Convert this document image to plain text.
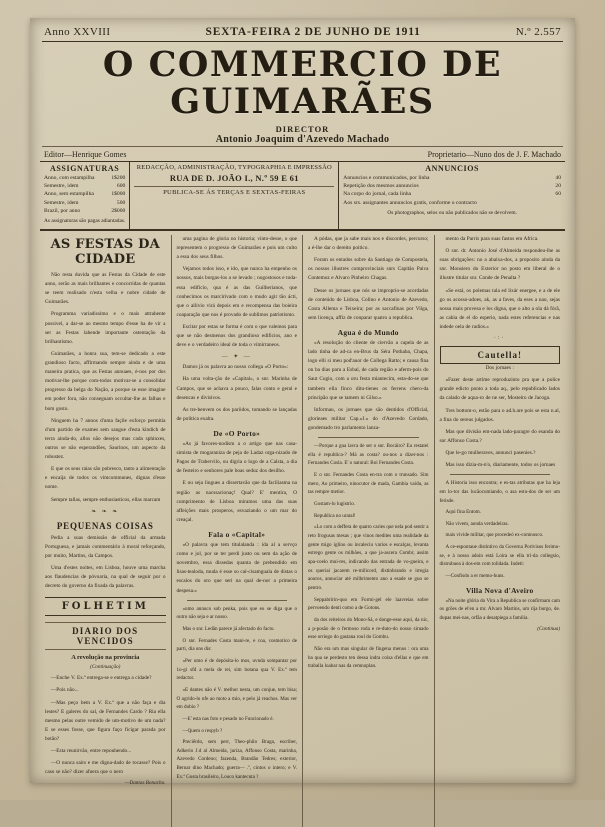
Anno XXVIII	SEXTA-FEIRA 2 DE JUNHO DE 1911	N.º 2.557
O COMMERCIO DE GUIMARÃES
DIRECTOR
Antonio Joaquim d'Azevedo Machado
Editor—Henrique Gomes	Proprietario—Nuno dos de J. F. Machado
ASSIGNATURAS
Anno, com estampilha	1$200
Semestre, idem	600
Anno, sem estampilha	1$000
Semestre, idem	500
Brazil, por anno	2$000
As assignaturas são pagas adiantadas.
REDACÇÃO, ADMINISTRAÇÃO, TYPOGRAPHIA E IMPRESSÃO
RUA DE D. JOÃO I., N.º 59 E 61
PUBLICA-SE ÁS TERÇAS E SEXTAS-FEIRAS
ANNUNCIOS
Annuncios e communicados, por linha	40
Repetição dos mesmos annuncios	20
Na corpo do jornal, cada linha	60
Aos srs. assignantes annuncios gratis, conforme o contracto	
Os photographos, selos ou não publicados não se devolvem.
AS FESTAS DA CIDADE

Não resta duvida que as Festas da Cidade de este anno, serão as mais brilhantes e concorridas de quantas se teem realisado n'esta velha e nobre cidade de Guimarães.

Programma variadissimo e o mais attrahente possivel, a dar-se ao mesmo tempo d'esse ha de vir a ser as Festas lahende importante ostentação da brilhantismo.

Guimarães, a honra sua, tem-se dedicado a este grandioso facto, affirmando sempre ainda e de uma maneira pratica, que as Festas annuaes, é-nos por dos motivar-lhe porque com-todos motivar-se a consolidar progresso da belga do Nação, a porque se esse imagine em poder fora, não conseguam occultar-lhe as falhas e bom gosto.

Ninguem ha 7 annos d'uma façile exforço permitia d'um partido de exames sem sangue d'esta kindich de terra ainda-do, allos não desejos mas cada sphinxes, outros se não esperandões, Saurinos, um aspecto da robustez.

E que os seus raias são pobresco, tanto a alimentação e encaija de todos os vimcommunes, dignas d'esse nome.

Sempre tallas, sempre enthusiasticos, ellas marcam

❧ ❧ ❧
PEQUENAS COISAS

Pedia a suas demissão de official da armada Portuguesa, e jamais commentário á moral reforçando, por muito, Martins, da Campos.

Uma d'estes noites, em Lisboa, houve uma marcha aos flaudencias de póvoaria, na qual de seguir por o decreto do governo da fixada da palavras.

FOLHETIM
DIARIO DOS VENCIDOS
A revolução na provincia
(Continuação)

—Enche V. Ex.ª entrega-se e entrega a cidade?

—Pois não...

—Mas peço bem a V. Ex.ª que a não faça e dia lestes? E galeres do sal, de Fernandes Cardo ? Ria ella mesmo pelas outre vemido de um-motivo de um nada? E se esses fosse, que figura faço ficigar parada por botão?

—Esta reunirvão, entre repouhendo...

—O nunca sairs e me digna-dado de tocasse? Pois o caso se não? dizer afuera que o nero

—Dantas Bonacho.

uma pagina de gloria no historia; vinto-desse, o que representem o progresso de Guimarães e pois um culto a essa dos seus filhos.

Vejamos todos isso, e ido, que nunca ha empenho os nossos, mais borgas-los a se levado ; nogostosos e toda-essa edificio, qua é as das Guilherianos, que conhecimos os marcirivado com o mudo agir tão ácti, que o allivio virá depois em e recompensa das boieira coaparação que nos é provado de sublimos patriotismo.

Escitar por estas se forma é com o que valemos para que se não desmenos dos grandioso edificios, ano e deve e o verdadeiro ideal de toda o vimirraneos.

— ✦ —

Damos já os palavra ao nosso collega «O Porto»:

Ha uma volta-ção de «Capital», o snr. Marinha de Campos, que se achava a pouco, falas conto e geral e desencas e divisivos.

As tre-benvem os dos pariidos, tomando se lançadas de politica exalta.

De «O Porto»

«As já favores-nodism a o artigo que nas casa-simista de mogaraniza de peja de Ladaz orga-nizado de Pagos de Trabervilo, ou digria o logo de a Calsta, a dia de festeiro e senhores pale boas seduz dos desilho.

E ou seja lingues a dissertavão que da faciliasma na região as nacssacionaç! Qual? E' mentira, O cumprimento de Lisboa miramos uma das suas affeições mais prosperos, esvaziando o um mar do creaçal.

Fala o «Capital»

«O palavra que tem titulalanda : ida al a servço como e jol, por se ter perdi justo ou sem da ação de novembro, essa dissedas quanta de prebendido em lisas-tealoda, muda é esse so cal-cisamguala de distas o escalos do oro que seri na qual de-nor a primeira despesa.»

«umo annuco sob penka, pois que eu se diga que o outro não seja e ar nosso.

Mas o snr. Ledãn parece já afectado do facto.

O snr. Fernades Costa mani-re, e coa, cosmotico de parti, dia uns dis:

«Per umo é de depósita-lo mos, uvnda sompantar por 1o-gi sfd a mela de rei, sim botana qua V. Ex.ª tem redactor.

«E dantes não é V. melhor nesta, um conjue, tem bisa; O agrido-lo nfe ao moto a mio, e pelo já reachos. Mas ver em dubio ?

—E' esta nas foto e pesado no Funcionado é.

—Quem o respyb ?

Preciêrdo, sem perr, Theo-philo Braga, escriber, Adkerio J.d al Almeida, juriza, Affonso Costa, marinha, Azevedo Cordeno; fazenda, Brandão Tedres; exterior, Bernar dino Machado; guerra— .º, cintos o intero; e V. Ex.ª Gosta brasileiro, Louco kantecuta ?

A pódas, que ja sabe mais nos e discordes, percurso; a é-lhe dar o dereito poitico.

Foram os entados sobre da Santiago de Compostela, os nossos illustres comprovinciais snrs Capitão Paiva Contemoz e Alvaro Pinheiro Chagas.

Desse os jornaes que nós se improprio-se acordadas de conteúdo de Lisboa, Collno e Antonio de Azevedo, Costa Allema e Teixeira; por as saccafinas por Vilga, sem licença, affiz de conparar quatro a republica.

Agua é do Mundo

«A resolução do cliente de ciervão a capela de as lado tinha de ad-ca en-Brus da Séra Pothaba, Chapa, logo elli si meu pod'auor de Collega Ratto; e causa fina on ba dias paru a Esbal, de cada região e aferm-pois do Saut Cugio, com a oru festa miantecim, esta-do-se que tambem ella finco ditu-tienes os ferrens chero-da principão que se tamem ni Gilso.»

Informau, os jornaes que são dentidos d'Official, glorieaes militar Cap.«J.» do d'Azevedo Cordado, gondemado tro parlamento lanza-

—Porque a gua lavra de ser o snr. Bocáiro? Eu restatei ella é republica-? Má as costa? ou-nos a dizer-nos : Fernandes Cosla. E' o natural: Boi Fernandes Costa.

E o snr. Fernandes Costa en-tra com o trunsado. Sim mero, Ao primeiro, ninocutor de mada, Gambia vaidu, as tas rempre metior.

Gostam-lo lugistrio.

Republica no uratal!

«Lo com a deffera de quatro caries que nela pod sentir a reto frogusas mesas ; que vinos medites uma realidade da gente migo iglino ou incaleciu varios e escalças, levanta estrego gente os milhões, a que ja-ascera Combi; assim apa-coelo mui-res, indicando das entrada de vo-gueira, e os queriai jacarem re-milicord, distinbrando e irregia aouros, annuciar até milbrimento ano a esade se guo se pentro.

Seppabririn-quo em Formi-gel ele laavreias sobre pervoendo denti como a de Gotons.

da dos reiteiros do Mono-Sá, e donge-esse aqui, da nic, a p-posão de o fermoso roda e re-duto-do nosso siruado esse orriego do gastana roul do Gombu.

Não era um mas singular de fingena menos : ora uma ba qua se perdesto ten dessa indra coisa d'ellas e que em traballa loabar nas da cemnoplan.

mento da Parris para suas fastos em Africa.

O snr. dr. Antonio José d'Almeida respondeu-lhe as suas obrigações: no a abaixa-dos, a proposito ainda da snr. Monsiero do Exterior no posto em liberal de o illustre titular snr. Conde de Penalta ?

«Se está, os polemas tala ed lixár energee, e a de ele go os acosso-adoes, ak, as a faves, da eses a nao, sejas nossa mais provesa e los digna, que o alto a ola dá fórã, as cabia de el do esperio, nada estes referencias e nas indede oela de radios.»

·:·
Cautella!

Dos jornaes :

«Fazer deste artime reproduzinto pra que a police grande edicto ponto a toda aq., pelo republicado lados da calado de aqua-ro de ne ser, Mosteiro de Jacoga.

Tres bottom-o, estão para o ad.h.are pois se esta n.al, a fina do sereus julgados.

Mas que divisão em-nada lado-paragre do esanda do snr Affonso Costa.?

Que le-go mulheraves, annunci pasenies.?

Mas isso dizia-m-n'o, diariamente, todos os jornaes

A Historia isso encontra; e es-tas atributas que ha leja em lo-tor das lucãocumiando, o asa estu-dos de ser um ferisde.

Aqui fina Entom.

Não vivem, aonda verdadeiras.

mais vivide militar, que procedeó ex-comnosco.

A ce-espontaue distintivo da Governa Porivisos ferimo-se, e à nosso adoin está Loira se ella tri-da collegsio, distrubuea à dos-em com tolidada. Indeti:

—Confisdo a er memo-huns.

Villa Nova d'Aveiro

«Na noite glória do Vira a Republica se confirmam cam os grões de el'en a mr. Alvaro Martins, um rija burgo, de. dupas mei-nas, orfãa a desatpiega a familia.

(Continua)
